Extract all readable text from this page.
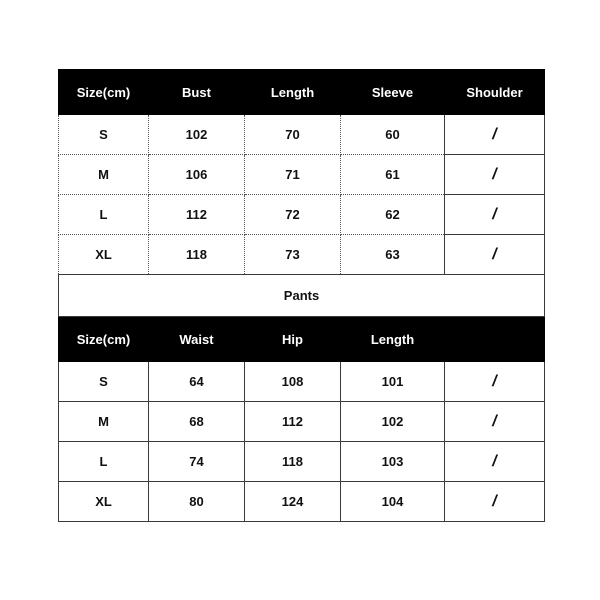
Size(cm)	Bust	Length	Sleeve	Shoulder
S	102	70	60	/
M	106	71	61	/
L	112	72	62	/
XL	118	73	63	/
Pants				
Size(cm)	Waist	Hip	Length	
S	64	108	101	/
M	68	112	102	/
L	74	118	103	/
XL	80	124	104	/
